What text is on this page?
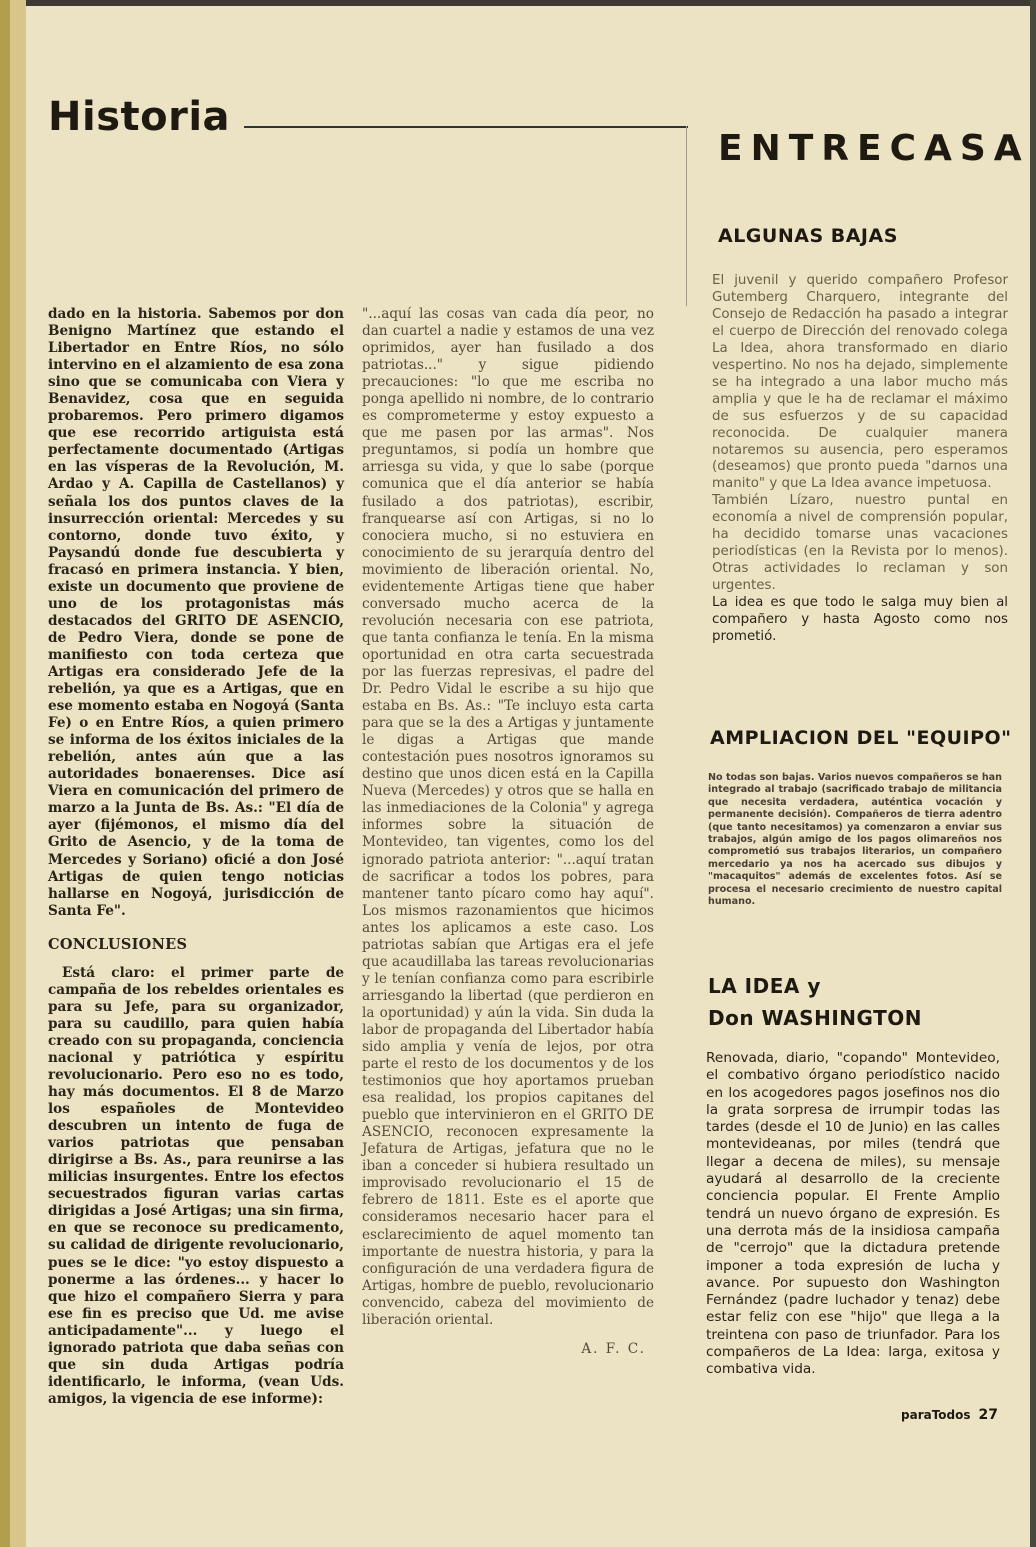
Historia

dado en la historia. Sabemos por don Benigno Martínez que estando el Libertador en Entre Ríos, no sólo intervino en el alzamiento de esa zona sino que se comunicaba con Viera y Benavidez, cosa que en seguida probaremos. Pero primero digamos que ese recorrido artiguista está perfectamente documentado (Artigas en las vísperas de la Revolución, M. Ardao y A. Capilla de Castellanos) y señala los dos puntos claves de la insurrección oriental: Mercedes y su contorno, donde tuvo éxito, y Paysandú donde fue descubierta y fracasó en primera instancia. Y bien, existe un documento que proviene de uno de los protagonistas más destacados del GRITO DE ASENCIO, de Pedro Viera, donde se pone de manifiesto con toda certeza que Artigas era considerado Jefe de la rebelión, ya que es a Artigas, que en ese momento estaba en Nogoyá (Santa Fe) o en Entre Ríos, a quien primero se informa de los éxitos iniciales de la rebelión, antes aún que a las autoridades bonaerenses. Dice así Viera en comunicación del primero de marzo a la Junta de Bs. As.: "El día de ayer (fijémonos, el mismo día del Grito de Asencio, y de la toma de Mercedes y Soriano) oficié a don José Artigas de quien tengo noticias hallarse en Nogoyá, jurisdicción de Santa Fe".

CONCLUSIONES

Está claro: el primer parte de campaña de los rebeldes orientales es para su Jefe, para su organizador, para su caudillo, para quien había creado con su propaganda, conciencia nacional y patriótica y espíritu revolucionario. Pero eso no es todo, hay más documentos. El 8 de Marzo los españoles de Montevideo descubren un intento de fuga de varios patriotas que pensaban dirigirse a Bs. As., para reunirse a las milicias insurgentes. Entre los efectos secuestrados figuran varias cartas dirigidas a José Artigas; una sin firma, en que se reconoce su predicamento, su calidad de dirigente revolucionario, pues se le dice: "yo estoy dispuesto a ponerme a las órdenes... y hacer lo que hizo el compañero Sierra y para ese fin es preciso que Ud. me avise anticipadamente"... y luego el ignorado patriota que daba señas con que sin duda Artigas podría identificarlo, le informa, (vean Uds. amigos, la vigencia de ese informe):

"...aquí las cosas van cada día peor, no dan cuartel a nadie y estamos de una vez oprimidos, ayer han fusilado a dos patriotas..." y sigue pidiendo precauciones: "lo que me escriba no ponga apellido ni nombre, de lo contrario es comprometerme y estoy expuesto a que me pasen por las armas". Nos preguntamos, si podía un hombre que arriesga su vida, y que lo sabe (porque comunica que el día anterior se había fusilado a dos patriotas), escribir, franquearse así con Artigas, si no lo conociera mucho, si no estuviera en conocimiento de su jerarquía dentro del movimiento de liberación oriental. No, evidentemente Artigas tiene que haber conversado mucho acerca de la revolución necesaria con ese patriota, que tanta confianza le tenía. En la misma oportunidad en otra carta secuestrada por las fuerzas represivas, el padre del Dr. Pedro Vidal le escribe a su hijo que estaba en Bs. As.: "Te incluyo esta carta para que se la des a Artigas y juntamente le digas a Artigas que mande contestación pues nosotros ignoramos su destino que unos dicen está en la Capilla Nueva (Mercedes) y otros que se halla en las inmediaciones de la Colonia" y agrega informes sobre la situación de Montevideo, tan vigentes, como los del ignorado patriota anterior: "...aquí tratan de sacrificar a todos los pobres, para mantener tanto pícaro como hay aquí". Los mismos razonamientos que hicimos antes los aplicamos a este caso. Los patriotas sabían que Artigas era el jefe que acaudillaba las tareas revolucionarias y le tenían confianza como para escribirle arriesgando la libertad (que perdieron en la oportunidad) y aún la vida. Sin duda la labor de propaganda del Libertador había sido amplia y venía de lejos, por otra parte el resto de los documentos y de los testimonios que hoy aportamos prueban esa realidad, los propios capitanes del pueblo que intervinieron en el GRITO DE ASENCIO, reconocen expresamente la Jefatura de Artigas, jefatura que no le iban a conceder si hubiera resultado un improvisado revolucionario el 15 de febrero de 1811. Este es el aporte que consideramos necesario hacer para el esclarecimiento de aquel momento tan importante de nuestra historia, y para la configuración de una verdadera figura de Artigas, hombre de pueblo, revolucionario convencido, cabeza del movimiento de liberación oriental.

A. F. C.

ENTRECASA
ALGUNAS BAJAS

El juvenil y querido compañero Profesor Gutemberg Charquero, integrante del Consejo de Redacción ha pasado a integrar el cuerpo de Dirección del renovado colega La Idea, ahora transformado en diario vespertino. No nos ha dejado, simplemente se ha integrado a una labor mucho más amplia y que le ha de reclamar el máximo de sus esfuerzos y de su capacidad reconocida. De cualquier manera notaremos su ausencia, pero esperamos (deseamos) que pronto pueda "darnos una manito" y que La Idea avance impetuosa.

También Lízaro, nuestro puntal en economía a nivel de comprensión popular, ha decidido tomarse unas vacaciones periodísticas (en la Revista por lo menos). Otras actividades lo reclaman y son urgentes.

La idea es que todo le salga muy bien al compañero y hasta Agosto como nos prometió.

AMPLIACION DEL "EQUIPO"
No todas son bajas. Varios nuevos compañeros se han integrado al trabajo (sacrificado trabajo de militancia que necesita verdadera, auténtica vocación y permanente decisión). Compañeros de tierra adentro (que tanto necesitamos) ya comenzaron a enviar sus trabajos, algún amigo de los pagos olimareños nos comprometió sus trabajos literarios, un compañero mercedario ya nos ha acercado sus dibujos y "macaquitos" además de excelentes fotos. Así se procesa el necesario crecimiento de nuestro capital humano.
LA IDEA y
Don WASHINGTON
Renovada, diario, "copando" Montevideo, el combativo órgano periodístico nacido en los acogedores pagos josefinos nos dio la grata sorpresa de irrumpir todas las tardes (desde el 10 de Junio) en las calles montevideanas, por miles (tendrá que llegar a decena de miles), su mensaje ayudará al desarrollo de la creciente conciencia popular. El Frente Amplio tendrá un nuevo órgano de expresión. Es una derrota más de la insidiosa campaña de "cerrojo" que la dictadura pretende imponer a toda expresión de lucha y avance. Por supuesto don Washington Fernández (padre luchador y tenaz) debe estar feliz con ese "hijo" que llega a la treintena con paso de triunfador. Para los compañeros de La Idea: larga, exitosa y combativa vida.
paraTodos 27
